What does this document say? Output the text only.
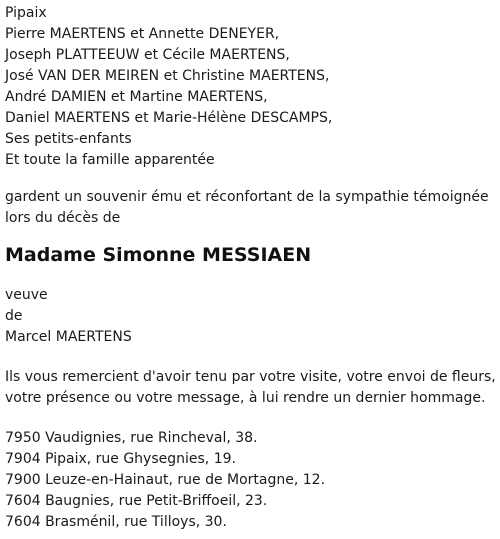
Pipaix
Pierre MAERTENS et Annette DENEYER,
Joseph PLATTEEUW et Cécile MAERTENS,
José VAN DER MEIREN et Christine MAERTENS,
André DAMIEN et Martine MAERTENS,
Daniel MAERTENS et Marie-Hélène DESCAMPS,
Ses petits-enfants
Et toute la famille apparentée
gardent un souvenir ému et réconfortant de la sympathie témoignée
lors du décès de
Madame Simonne MESSIAEN
veuve
de
Marcel MAERTENS
Ils vous remercient d'avoir tenu par votre visite, votre envoi de fleurs,
votre présence ou votre message, à lui rendre un dernier hommage.
7950 Vaudignies, rue Rincheval, 38.
7904 Pipaix, rue Ghysegnies, 19.
7900 Leuze-en-Hainaut, rue de Mortagne, 12.
7604 Baugnies, rue Petit-Briffoeil, 23.
7604 Brasménil, rue Tilloys, 30.
